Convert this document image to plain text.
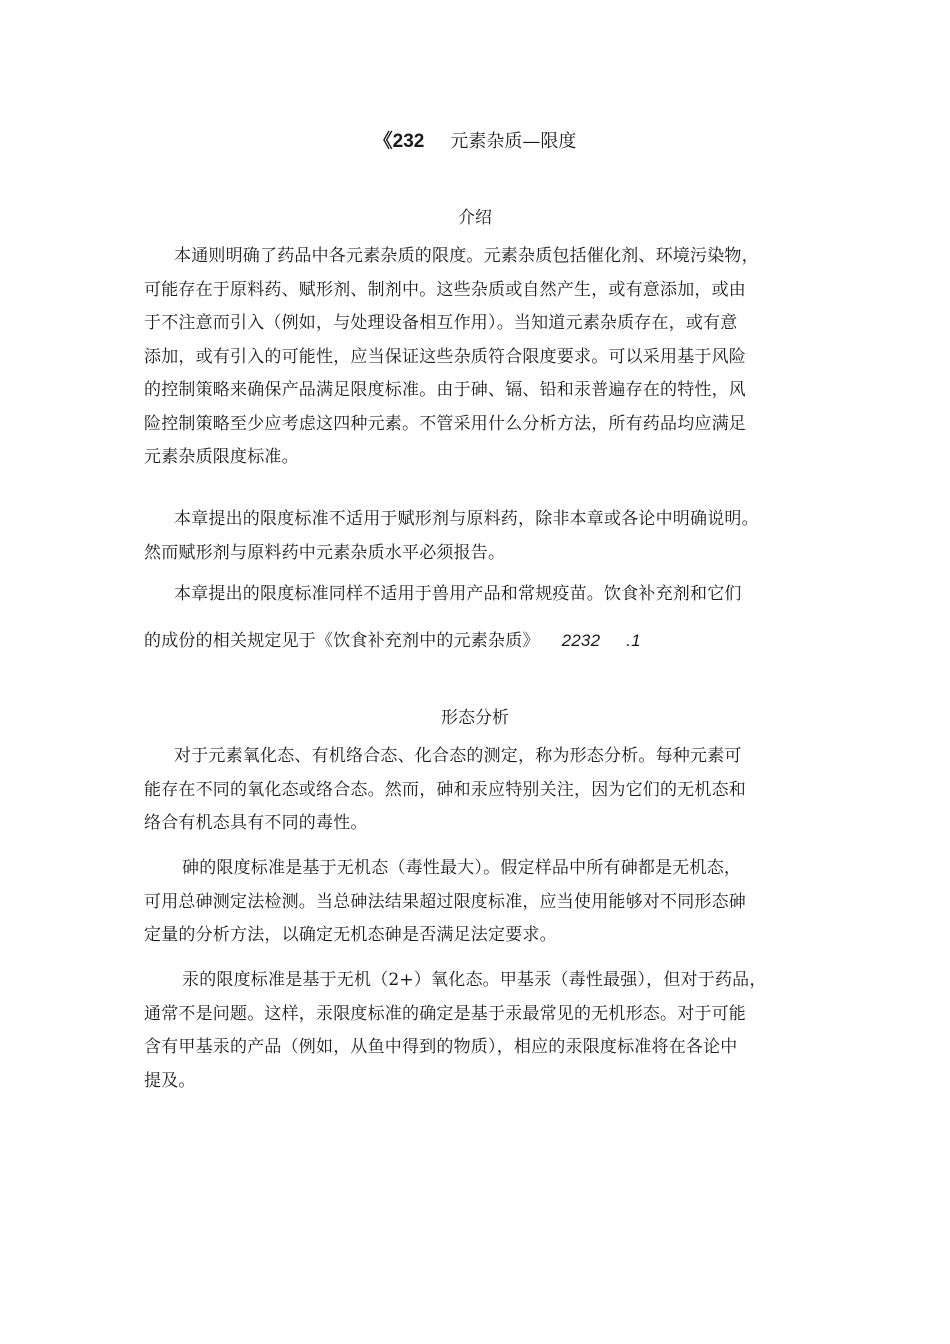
《232 元素杂质—限度
介绍
本通则明确了药品中各元素杂质的限度。元素杂质包括催化剂、环境污染物，
可能存在于原料药、赋形剂、制剂中。这些杂质或自然产生，或有意添加，或由
于不注意而引入（例如，与处理设备相互作用）。当知道元素杂质存在，或有意
添加，或有引入的可能性，应当保证这些杂质符合限度要求。可以采用基于风险
的控制策略来确保产品满足限度标准。由于砷、镉、铅和汞普遍存在的特性，风
险控制策略至少应考虑这四种元素。不管采用什么分析方法，所有药品均应满足
元素杂质限度标准。
本章提出的限度标准不适用于赋形剂与原料药，除非本章或各论中明确说明。
然而赋形剂与原料药中元素杂质水平必须报告。
本章提出的限度标准同样不适用于兽用产品和常规疫苗。饮食补充剂和它们
的成份的相关规定见于《饮食补充剂中的元素杂质》 2232 .1
形态分析
对于元素氧化态、有机络合态、化合态的测定，称为形态分析。每种元素可
能存在不同的氧化态或络合态。然而，砷和汞应特别关注，因为它们的无机态和
络合有机态具有不同的毒性。
砷的限度标准是基于无机态（毒性最大）。假定样品中所有砷都是无机态，
可用总砷测定法检测。当总砷法结果超过限度标准，应当使用能够对不同形态砷
定量的分析方法，以确定无机态砷是否满足法定要求。
汞的限度标准是基于无机（2+）氧化态。甲基汞（毒性最强），但对于药品，
通常不是问题。这样，汞限度标准的确定是基于汞最常见的无机形态。对于可能
含有甲基汞的产品（例如，从鱼中得到的物质），相应的汞限度标准将在各论中
提及。
